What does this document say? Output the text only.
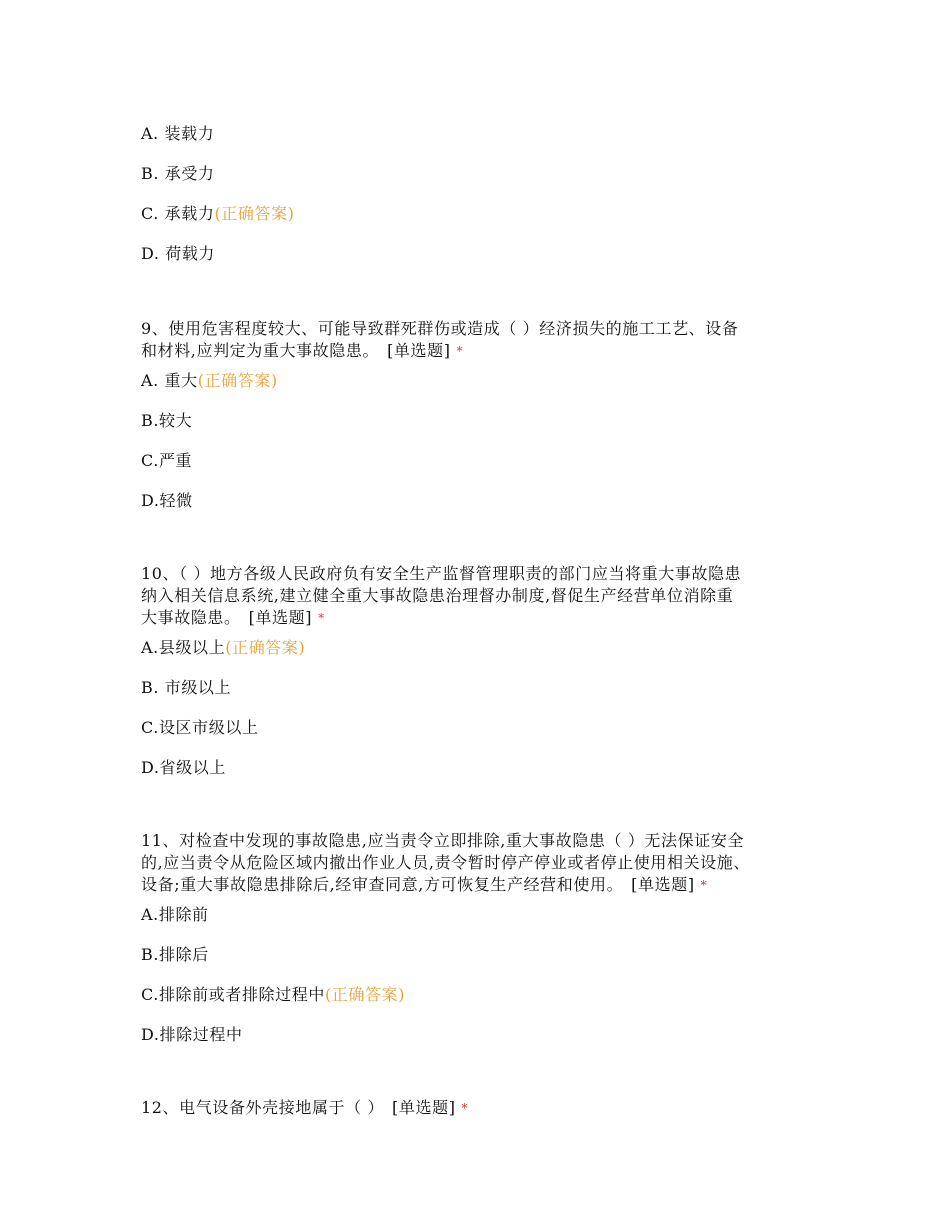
A. 装载力
B. 承受力
C. 承载力(正确答案)
D. 荷载力
9、使用危害程度较大、可能导致群死群伤或造成（ ）经济损失的施工工艺、设备
和材料,应判定为重大事故隐患。 [单选题] *
A. 重大(正确答案)
B.较大
C.严重
D.轻微
10、（ ）地方各级人民政府负有安全生产监督管理职责的部门应当将重大事故隐患
纳入相关信息系统,建立健全重大事故隐患治理督办制度,督促生产经营单位消除重
大事故隐患。 [单选题] *
A.县级以上(正确答案)
B. 市级以上
C.设区市级以上
D.省级以上
11、对检查中发现的事故隐患,应当责令立即排除,重大事故隐患（ ）无法保证安全
的,应当责令从危险区域内撤出作业人员,责令暂时停产停业或者停止使用相关设施、
设备;重大事故隐患排除后,经审查同意,方可恢复生产经营和使用。 [单选题] *
A.排除前
B.排除后
C.排除前或者排除过程中(正确答案)
D.排除过程中
12、电气设备外壳接地属于（ ） [单选题] *
